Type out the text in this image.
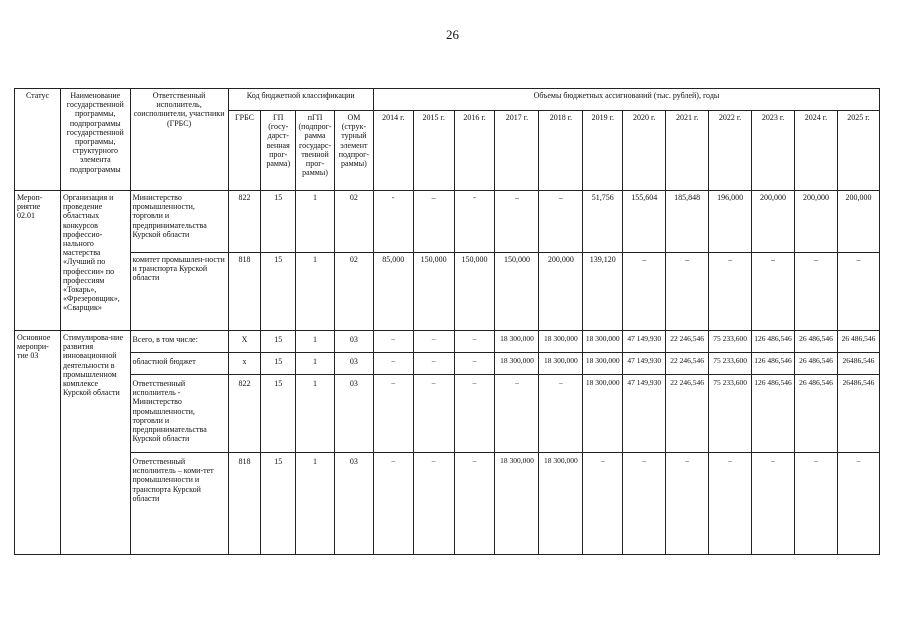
26
Статус	Наименование государственной программы, подпрограммы государственной программы, структурного элемента подпрограммы	Ответственный исполнитель, соисполнители, участники (ГРБС)	Код бюджетной классификации				Объемы бюджетных ассигнований (тыс. рублей), годы											
			ГРБС	ГП (госу-дарст-венная прог-рамма)	пГП (подпрог-рамма государс-твенной прог-раммы)	ОМ (струк-турный элемент подпрог-раммы)	2014 г.	2015 г.	2016 г.	2017 г.	2018 г.	2019 г.	2020 г.	2021 г.	2022 г.	2023 г.	2024 г.	2025 г.
Мероп-риятие 02.01	Организация и проведение областных конкурсов профессио-нального мастерства «Лучший по профессии» по профессиям «Токарь», «Фрезеровщик», «Сварщик»	Министерство промышленности, торговли и предпринимательства Курской области	822	15	1	02	-	–	-	–	–	51,756	155,604	185,848	196,000	200,000	200,000	200,000
		комитет промышлен-ности и транспорта Курской области	818	15	1	02	85,000	150,000	150,000	150,000	200,000	139,120	–	–	–	–	–	–
Основное меропри-тие 03	Стимулирова-ние развития инновационной деятельности в промышленном комплексе Курской области	Всего, в том числе:	Х	15	1	03	–	–	–	18 300,000	18 300,000	18 300,000	47 149,930	22 246,546	75 233,600	126 486,546	26 486,546	26 486,546
		областной бюджет	х	15	1	03	–	–	–	18 300,000	18 300,000	18 300,000	47 149,930	22 246,546	75 233,600	126 486,546	26 486,546	26486,546
		Ответственный исполнитель - Министерство промышленности, торговли и предпринимательства Курской области	822	15	1	03	–	–	–	–	–	18 300,000	47 149,930	22 246,546	75 233,600	126 486,546	26 486,546	26486,546
		Ответственный исполнитель – коми-тет промышленности и транспорта Курской области	818	15	1	03	–	–	–	18 300,000	18 300,000	–	–	–	–	–	–	–
